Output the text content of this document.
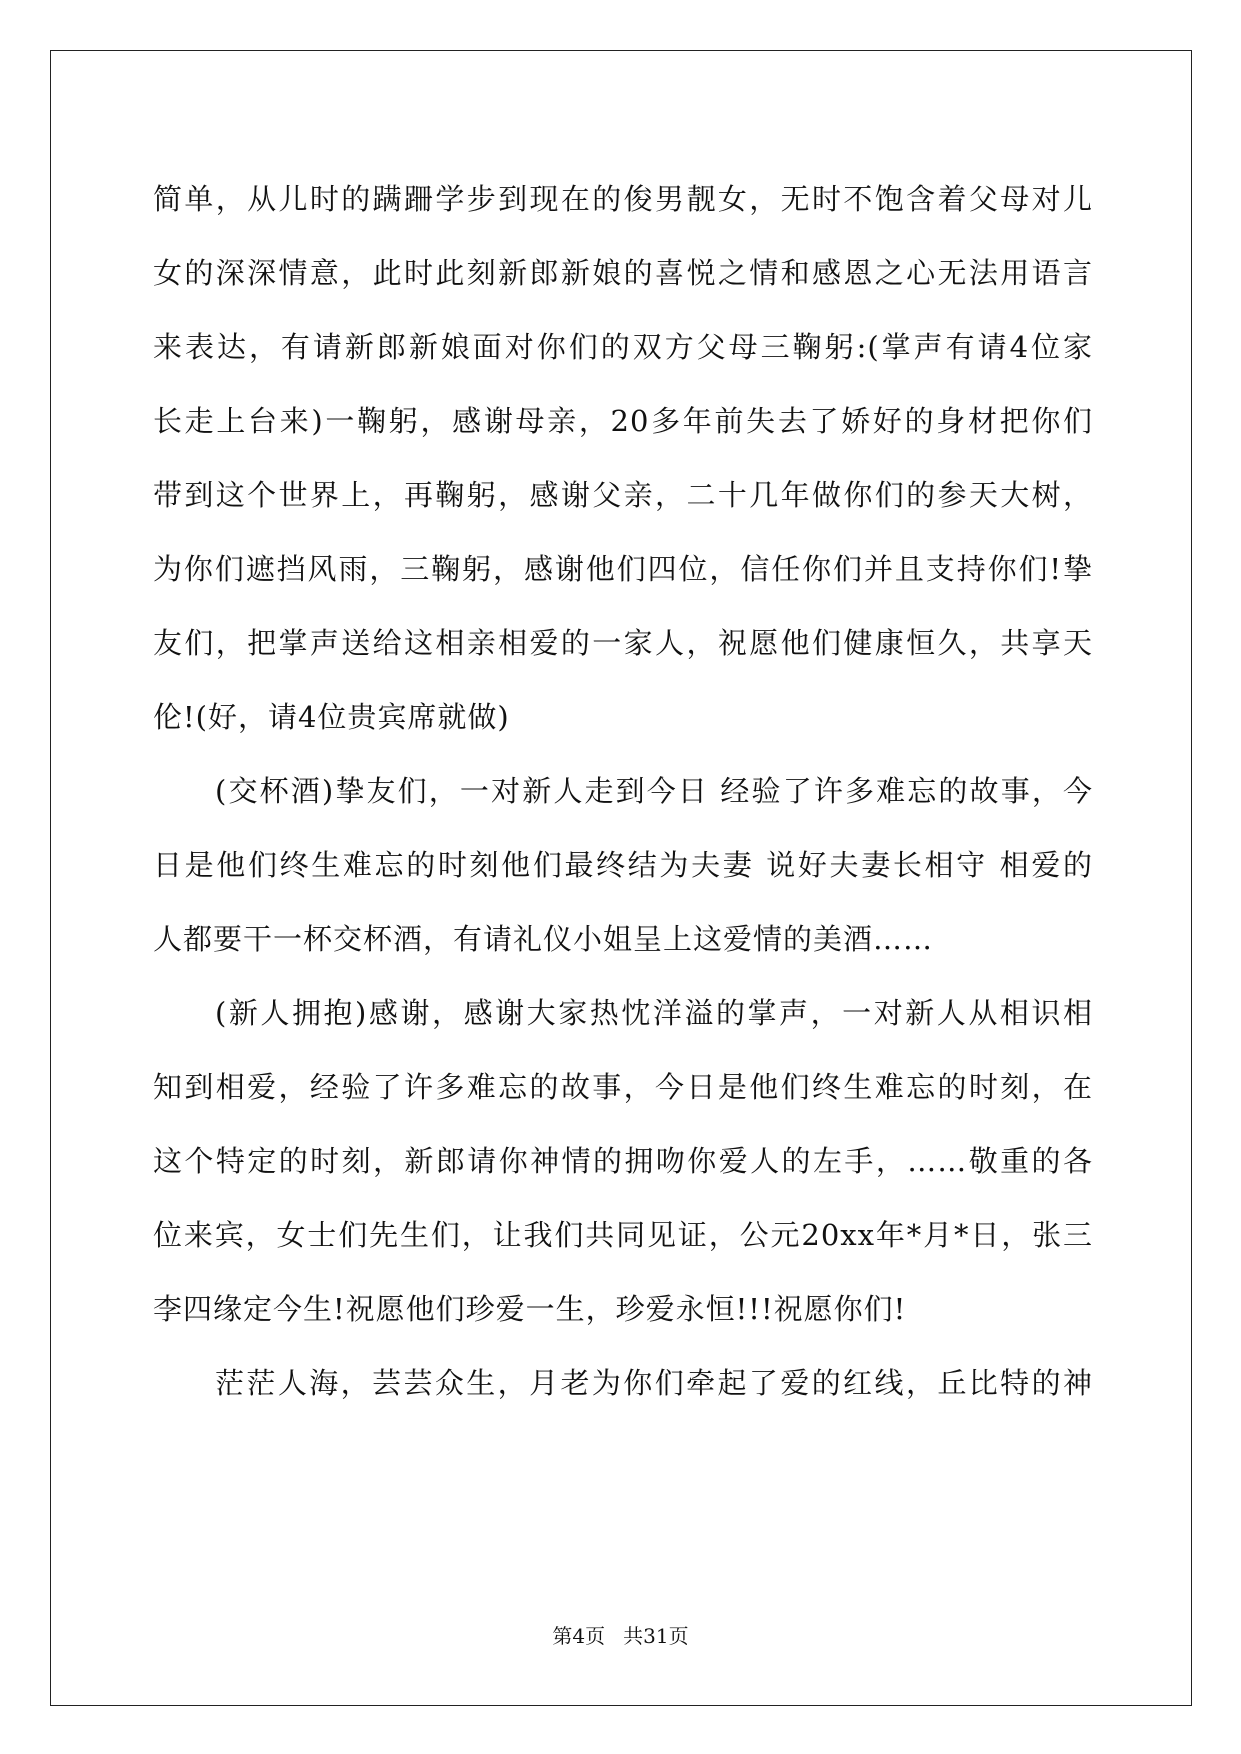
简单，从儿时的蹒跚学步到现在的俊男靓女，无时不饱含着父母对儿
女的深深情意，此时此刻新郎新娘的喜悦之情和感恩之心无法用语言
来表达，有请新郎新娘面对你们的双方父母三鞠躬:(掌声有请4位家
长走上台来)一鞠躬，感谢母亲，20多年前失去了娇好的身材把你们
带到这个世界上，再鞠躬，感谢父亲，二十几年做你们的参天大树，
为你们遮挡风雨，三鞠躬，感谢他们四位，信任你们并且支持你们!挚
友们，把掌声送给这相亲相爱的一家人，祝愿他们健康恒久，共享天
伦!(好，请4位贵宾席就做)
(交杯酒)挚友们，一对新人走到今日 经验了许多难忘的故事，今
日是他们终生难忘的时刻他们最终结为夫妻 说好夫妻长相守 相爱的
人都要干一杯交杯酒，有请礼仪小姐呈上这爱情的美酒……
(新人拥抱)感谢，感谢大家热忱洋溢的掌声，一对新人从相识相
知到相爱，经验了许多难忘的故事，今日是他们终生难忘的时刻，在
这个特定的时刻，新郎请你神情的拥吻你爱人的左手，……敬重的各
位来宾，女士们先生们，让我们共同见证，公元20xx年*月*日，张三
李四缘定今生!祝愿他们珍爱一生，珍爱永恒!!!祝愿你们!
茫茫人海，芸芸众生，月老为你们牵起了爱的红线，丘比特的神
第4页 共31页
